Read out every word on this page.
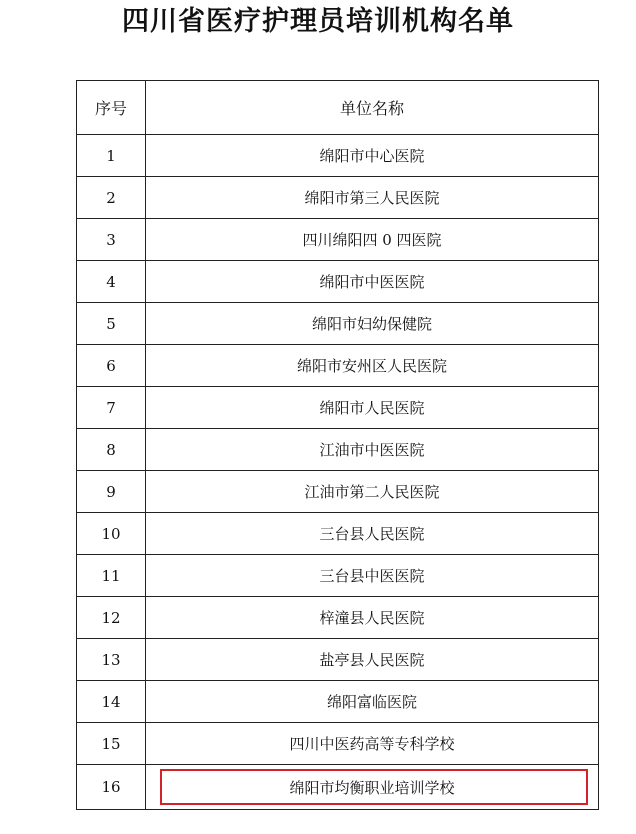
四川省医疗护理员培训机构名单
序号	单位名称
1	绵阳市中心医院
2	绵阳市第三人民医院
3	四川绵阳四 0 四医院
4	绵阳市中医医院
5	绵阳市妇幼保健院
6	绵阳市安州区人民医院
7	绵阳市人民医院
8	江油市中医医院
9	江油市第二人民医院
10	三台县人民医院
11	三台县中医医院
12	梓潼县人民医院
13	盐亭县人民医院
14	绵阳富临医院
15	四川中医药高等专科学校
16	绵阳市均衡职业培训学校
